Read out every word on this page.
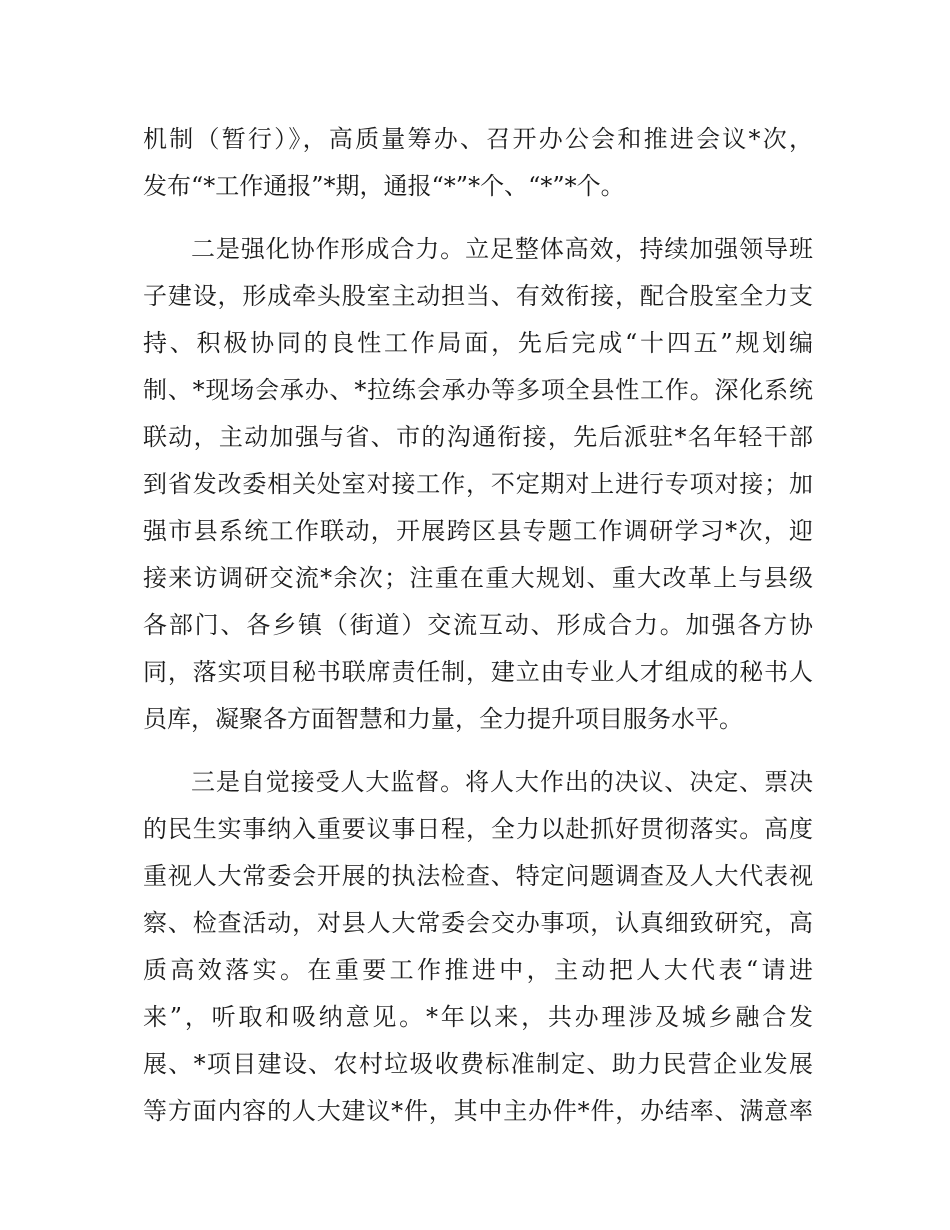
机制（暂行）》，高质量筹办、召开办公会和推进会议*次，
发布“*工作通报”*期，通报“*”*个、“*”*个。
二是强化协作形成合力。立足整体高效，持续加强领导班
子建设，形成牵头股室主动担当、有效衔接，配合股室全力支
持、积极协同的良性工作局面，先后完成“十四五”规划编
制、*现场会承办、*拉练会承办等多项全县性工作。深化系统
联动，主动加强与省、市的沟通衔接，先后派驻*名年轻干部
到省发改委相关处室对接工作，不定期对上进行专项对接；加
强市县系统工作联动，开展跨区县专题工作调研学习*次，迎
接来访调研交流*余次；注重在重大规划、重大改革上与县级
各部门、各乡镇（街道）交流互动、形成合力。加强各方协
同，落实项目秘书联席责任制，建立由专业人才组成的秘书人
员库，凝聚各方面智慧和力量，全力提升项目服务水平。
三是自觉接受人大监督。将人大作出的决议、决定、票决
的民生实事纳入重要议事日程，全力以赴抓好贯彻落实。高度
重视人大常委会开展的执法检查、特定问题调查及人大代表视
察、检查活动，对县人大常委会交办事项，认真细致研究，高
质高效落实。在重要工作推进中，主动把人大代表“请进
来”，听取和吸纳意见。*年以来，共办理涉及城乡融合发
展、*项目建设、农村垃圾收费标准制定、助力民营企业发展
等方面内容的人大建议*件，其中主办件*件，办结率、满意率
